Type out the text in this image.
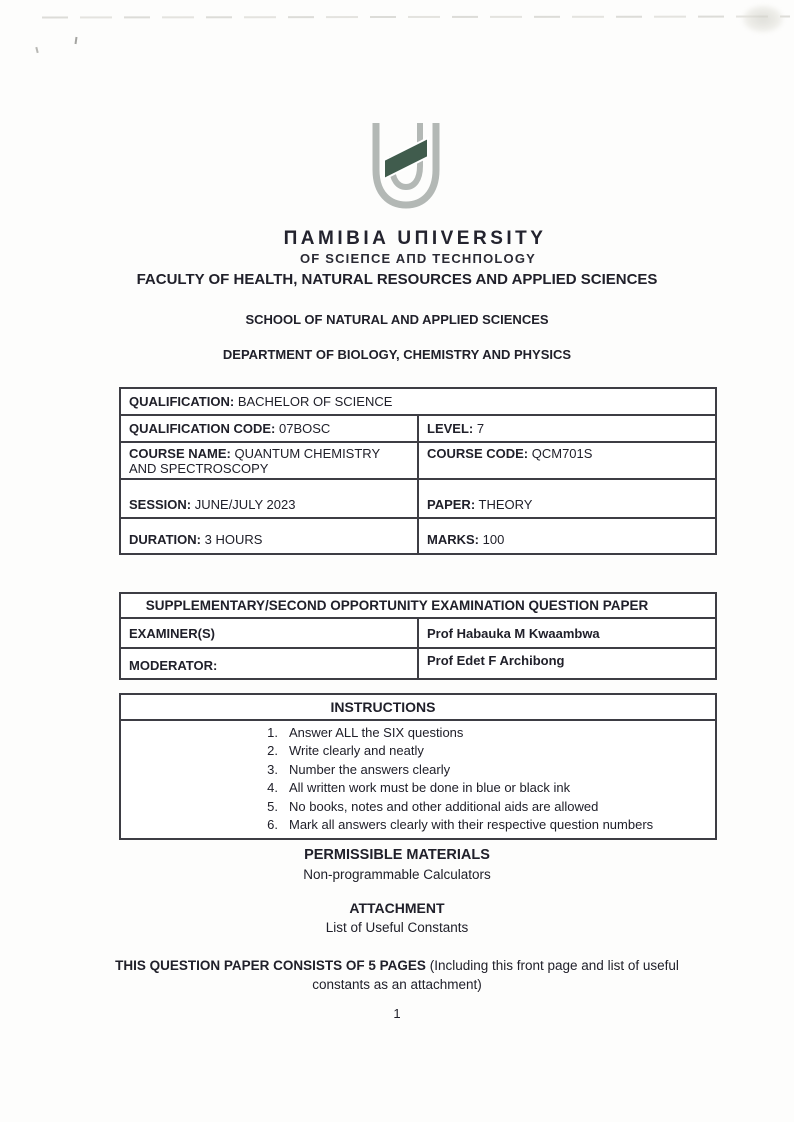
ΠAMIBIA UΠIVERSITY
OF SCIEΠCE AΠD TECHΠOLOGY
FACULTY OF HEALTH, NATURAL RESOURCES AND APPLIED SCIENCES
SCHOOL OF NATURAL AND APPLIED SCIENCES
DEPARTMENT OF BIOLOGY, CHEMISTRY AND PHYSICS
QUALIFICATION: BACHELOR OF SCIENCE	
QUALIFICATION CODE: 07BOSC	LEVEL: 7
COURSE NAME: QUANTUM CHEMISTRY AND SPECTROSCOPY	COURSE CODE: QCM701S
SESSION: JUNE/JULY 2023	PAPER: THEORY
DURATION: 3 HOURS	MARKS: 100
SUPPLEMENTARY/SECOND OPPORTUNITY EXAMINATION QUESTION PAPER	
EXAMINER(S)	Prof Habauka M Kwaambwa
MODERATOR:	Prof Edet F Archibong
INSTRUCTIONS

1. Answer ALL the SIX questions
2. Write clearly and neatly
3. Number the answers clearly
4. All written work must be done in blue or black ink
5. No books, notes and other additional aids are allowed
6. Mark all answers clearly with their respective question numbers
PERMISSIBLE MATERIALS
Non-programmable Calculators
ATTACHMENT
List of Useful Constants
THIS QUESTION PAPER CONSISTS OF 5 PAGES (Including this front page and list of useful constants as an attachment)
1
